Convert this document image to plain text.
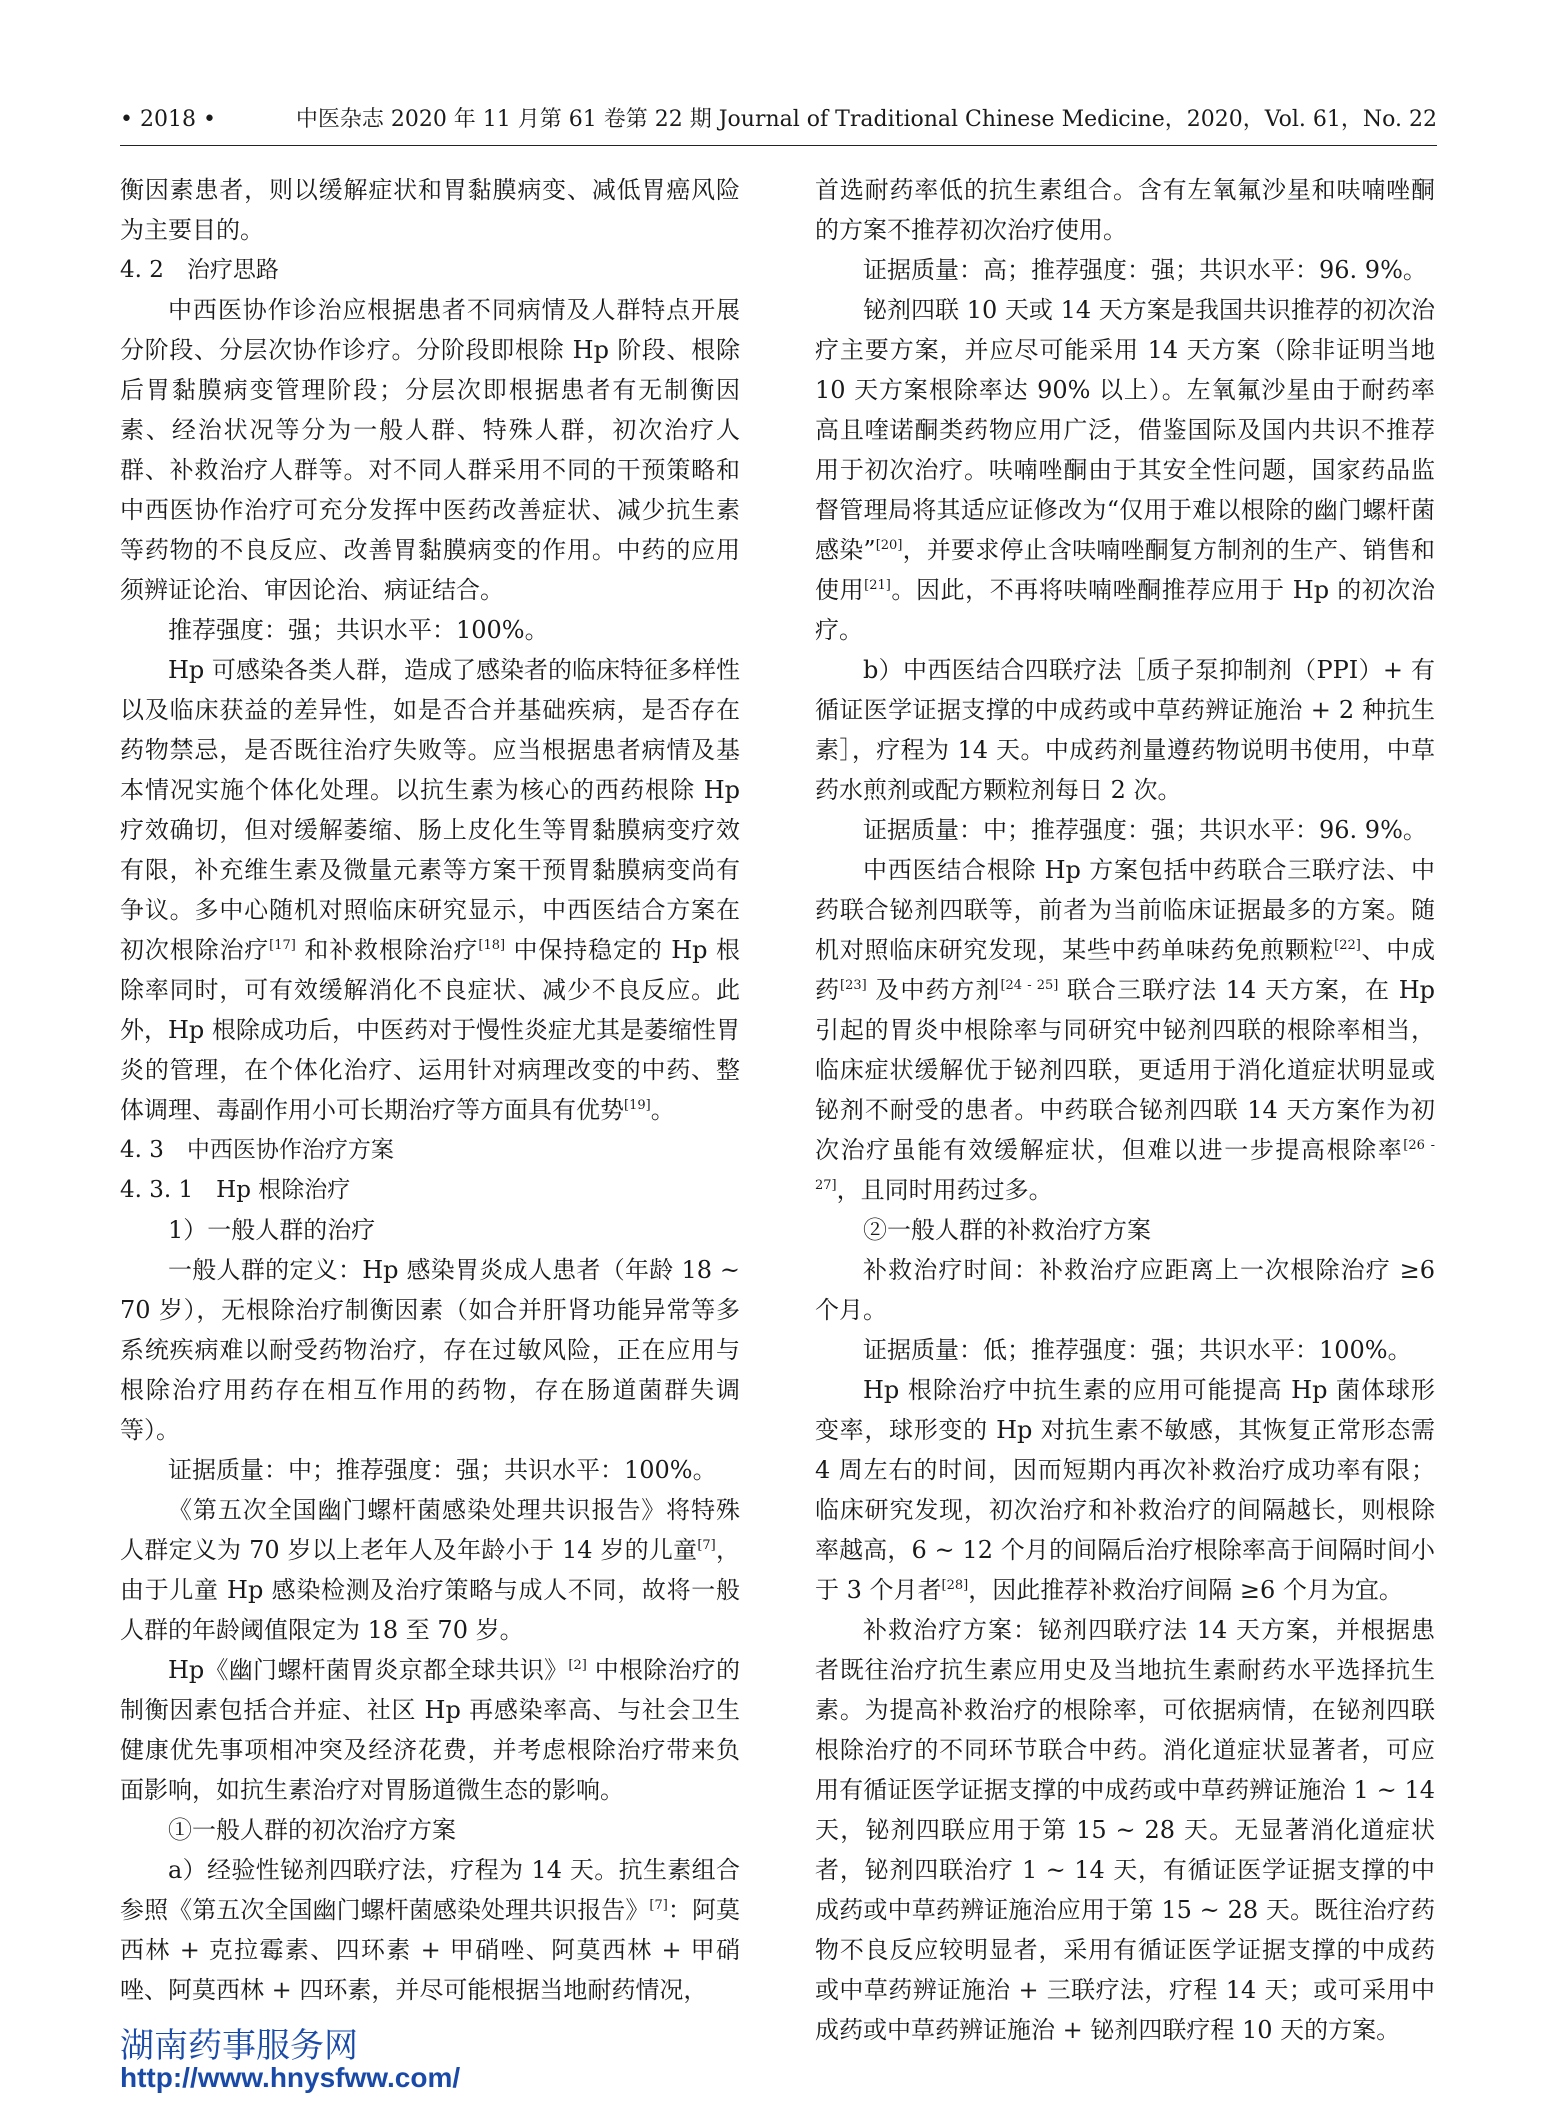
• 2018 •	中医杂志 2020 年 11 月第 61 卷第 22 期 Journal of Traditional Chinese Medicine，2020，Vol. 61，No. 22

衡因素患者，则以缓解症状和胃黏膜病变、减低胃癌风险为主要目的。

4. 2　治疗思路

中西医协作诊治应根据患者不同病情及人群特点开展分阶段、分层次协作诊疗。分阶段即根除 Hp 阶段、根除后胃黏膜病变管理阶段；分层次即根据患者有无制衡因素、经治状况等分为一般人群、特殊人群，初次治疗人群、补救治疗人群等。对不同人群采用不同的干预策略和中西医协作治疗可充分发挥中医药改善症状、减少抗生素等药物的不良反应、改善胃黏膜病变的作用。中药的应用须辨证论治、审因论治、病证结合。

推荐强度：强；共识水平：100%。

Hp 可感染各类人群，造成了感染者的临床特征多样性以及临床获益的差异性，如是否合并基础疾病，是否存在药物禁忌，是否既往治疗失败等。应当根据患者病情及基本情况实施个体化处理。以抗生素为核心的西药根除 Hp 疗效确切，但对缓解萎缩、肠上皮化生等胃黏膜病变疗效有限，补充维生素及微量元素等方案干预胃黏膜病变尚有争议。多中心随机对照临床研究显示，中西医结合方案在初次根除治疗[17] 和补救根除治疗[18] 中保持稳定的 Hp 根除率同时，可有效缓解消化不良症状、减少不良反应。此外，Hp 根除成功后，中医药对于慢性炎症尤其是萎缩性胃炎的管理，在个体化治疗、运用针对病理改变的中药、整体调理、毒副作用小可长期治疗等方面具有优势[19]。

4. 3　中西医协作治疗方案

4. 3. 1　Hp 根除治疗

1）一般人群的治疗

一般人群的定义：Hp 感染胃炎成人患者（年龄 18 ~ 70 岁），无根除治疗制衡因素（如合并肝肾功能异常等多系统疾病难以耐受药物治疗，存在过敏风险，正在应用与根除治疗用药存在相互作用的药物，存在肠道菌群失调等）。

证据质量：中；推荐强度：强；共识水平：100%。

《第五次全国幽门螺杆菌感染处理共识报告》将特殊人群定义为 70 岁以上老年人及年龄小于 14 岁的儿童[7]，由于儿童 Hp 感染检测及治疗策略与成人不同，故将一般人群的年龄阈值限定为 18 至 70 岁。

Hp《幽门螺杆菌胃炎京都全球共识》[2] 中根除治疗的制衡因素包括合并症、社区 Hp 再感染率高、与社会卫生健康优先事项相冲突及经济花费，并考虑根除治疗带来负面影响，如抗生素治疗对胃肠道微生态的影响。

①一般人群的初次治疗方案

a）经验性铋剂四联疗法，疗程为 14 天。抗生素组合参照《第五次全国幽门螺杆菌感染处理共识报告》[7]：阿莫西林 + 克拉霉素、四环素 + 甲硝唑、阿莫西林 + 甲硝唑、阿莫西林 + 四环素，并尽可能根据当地耐药情况，

首选耐药率低的抗生素组合。含有左氧氟沙星和呋喃唑酮的方案不推荐初次治疗使用。

证据质量：高；推荐强度：强；共识水平：96. 9%。

铋剂四联 10 天或 14 天方案是我国共识推荐的初次治疗主要方案，并应尽可能采用 14 天方案（除非证明当地 10 天方案根除率达 90% 以上）。左氧氟沙星由于耐药率高且喹诺酮类药物应用广泛，借鉴国际及国内共识不推荐用于初次治疗。呋喃唑酮由于其安全性问题，国家药品监督管理局将其适应证修改为“仅用于难以根除的幽门螺杆菌感染”[20]，并要求停止含呋喃唑酮复方制剂的生产、销售和使用[21]。因此，不再将呋喃唑酮推荐应用于 Hp 的初次治疗。

b）中西医结合四联疗法［质子泵抑制剂（PPI）+ 有循证医学证据支撑的中成药或中草药辨证施治 + 2 种抗生素］，疗程为 14 天。中成药剂量遵药物说明书使用，中草药水煎剂或配方颗粒剂每日 2 次。

证据质量：中；推荐强度：强；共识水平：96. 9%。

中西医结合根除 Hp 方案包括中药联合三联疗法、中药联合铋剂四联等，前者为当前临床证据最多的方案。随机对照临床研究发现，某些中药单味药免煎颗粒[22]、中成药[23] 及中药方剂[24 - 25] 联合三联疗法 14 天方案，在 Hp 引起的胃炎中根除率与同研究中铋剂四联的根除率相当，临床症状缓解优于铋剂四联，更适用于消化道症状明显或铋剂不耐受的患者。中药联合铋剂四联 14 天方案作为初次治疗虽能有效缓解症状，但难以进一步提高根除率[26 - 27]，且同时用药过多。

②一般人群的补救治疗方案

补救治疗时间：补救治疗应距离上一次根除治疗 ≥6 个月。

证据质量：低；推荐强度：强；共识水平：100%。

Hp 根除治疗中抗生素的应用可能提高 Hp 菌体球形变率，球形变的 Hp 对抗生素不敏感，其恢复正常形态需 4 周左右的时间，因而短期内再次补救治疗成功率有限；临床研究发现，初次治疗和补救治疗的间隔越长，则根除率越高，6 ~ 12 个月的间隔后治疗根除率高于间隔时间小于 3 个月者[28]，因此推荐补救治疗间隔 ≥6 个月为宜。

补救治疗方案：铋剂四联疗法 14 天方案，并根据患者既往治疗抗生素应用史及当地抗生素耐药水平选择抗生素。为提高补救治疗的根除率，可依据病情，在铋剂四联根除治疗的不同环节联合中药。消化道症状显著者，可应用有循证医学证据支撑的中成药或中草药辨证施治 1 ~ 14 天，铋剂四联应用于第 15 ~ 28 天。无显著消化道症状者，铋剂四联治疗 1 ~ 14 天，有循证医学证据支撑的中成药或中草药辨证施治应用于第 15 ~ 28 天。既往治疗药物不良反应较明显者，采用有循证医学证据支撑的中成药或中草药辨证施治 + 三联疗法，疗程 14 天；或可采用中成药或中草药辨证施治 + 铋剂四联疗程 10 天的方案。

湖南药事服务网
http://www.hnysfww.com/
